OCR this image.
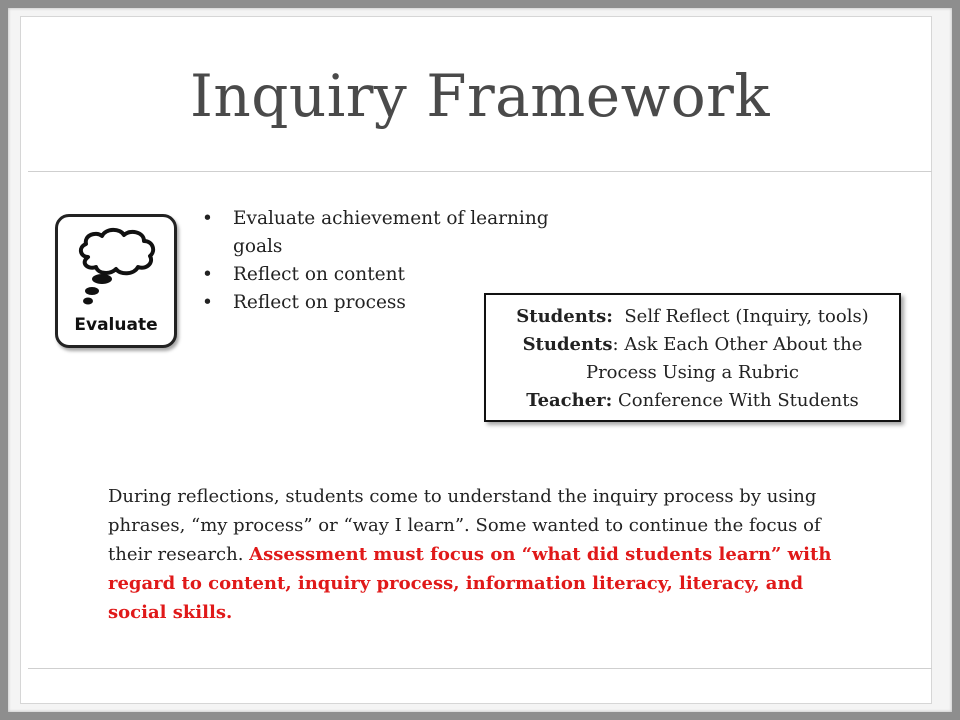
Inquiry Framework
Evaluate
• Evaluate achievement of learning goals
• Reflect on content
• Reflect on process
Students:  Self Reflect (Inquiry, tools)
Students: Ask Each Other About the Process Using a Rubric
Teacher: Conference With Students

During reflections, students come to understand the inquiry process by using phrases, “my process” or “way I learn”. Some wanted to continue the focus of their research. Assessment must focus on “what did students learn” with regard to content, inquiry process, information literacy, literacy, and social skills.
